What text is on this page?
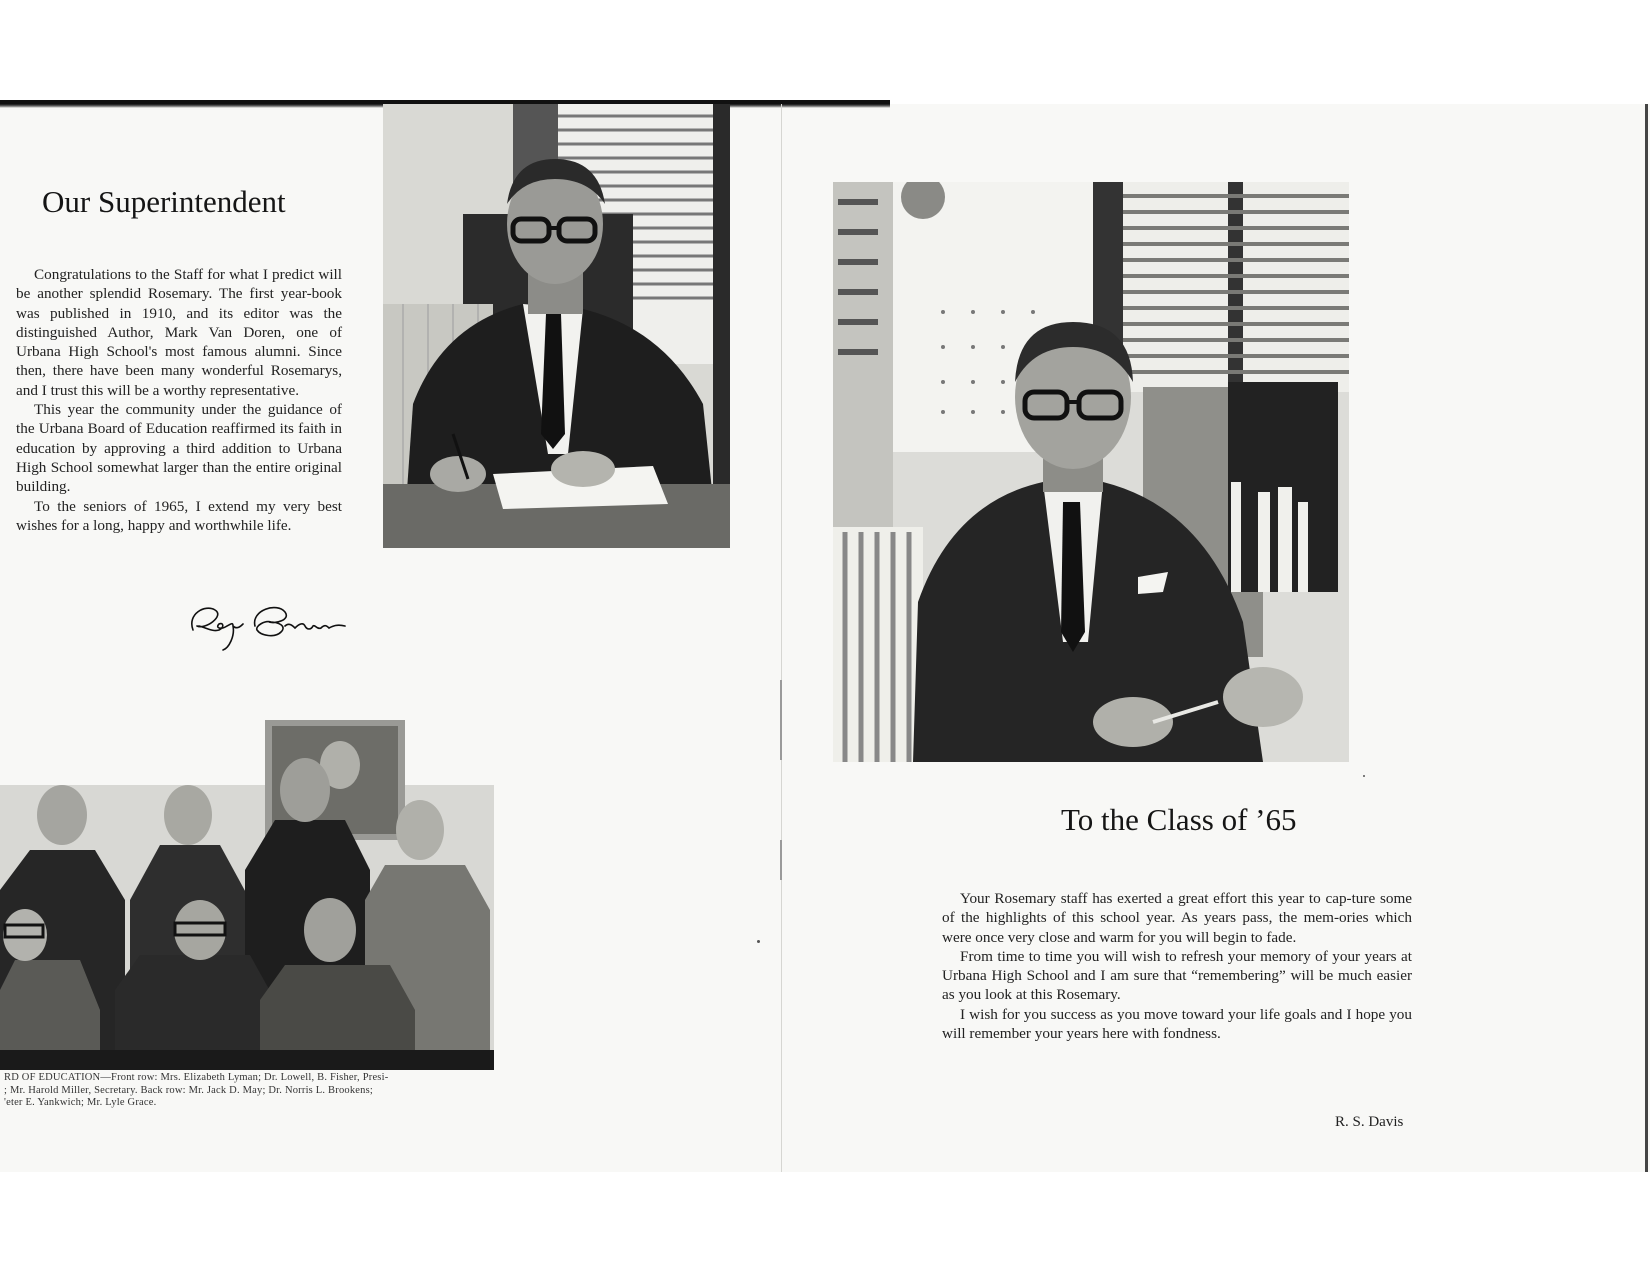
Our Superintendent

Congratulations to the Staff for what I predict will be another splendid Rosemary. The first year-book was published in 1910, and its editor was the distinguished Author, Mark Van Doren, one of Urbana High School's most famous alumni. Since then, there have been many wonderful Rosemarys, and I trust this will be a worthy representative.

This year the community under the guidance of the Urbana Board of Education reaffirmed its faith in education by approving a third addition to Urbana High School somewhat larger than the entire original building.

To the seniors of 1965, I extend my very best wishes for a long, happy and worthwhile life.

RD OF EDUCATION—Front row: Mrs. Elizabeth Lyman; Dr. Lowell, B. Fisher, Presi-
; Mr. Harold Miller, Secretary. Back row: Mr. Jack D. May; Dr. Norris L. Brookens;
'eter E. Yankwich; Mr. Lyle Grace.
To the Class of ’65

Your Rosemary staff has exerted a great effort this year to cap-ture some of the highlights of this school year. As years pass, the mem-ories which were once very close and warm for you will begin to fade.

From time to time you will wish to refresh your memory of your years at Urbana High School and I am sure that “remembering” will be much easier as you look at this Rosemary.

I wish for you success as you move toward your life goals and I hope you will remember your years here with fondness.

R. S. Davis
